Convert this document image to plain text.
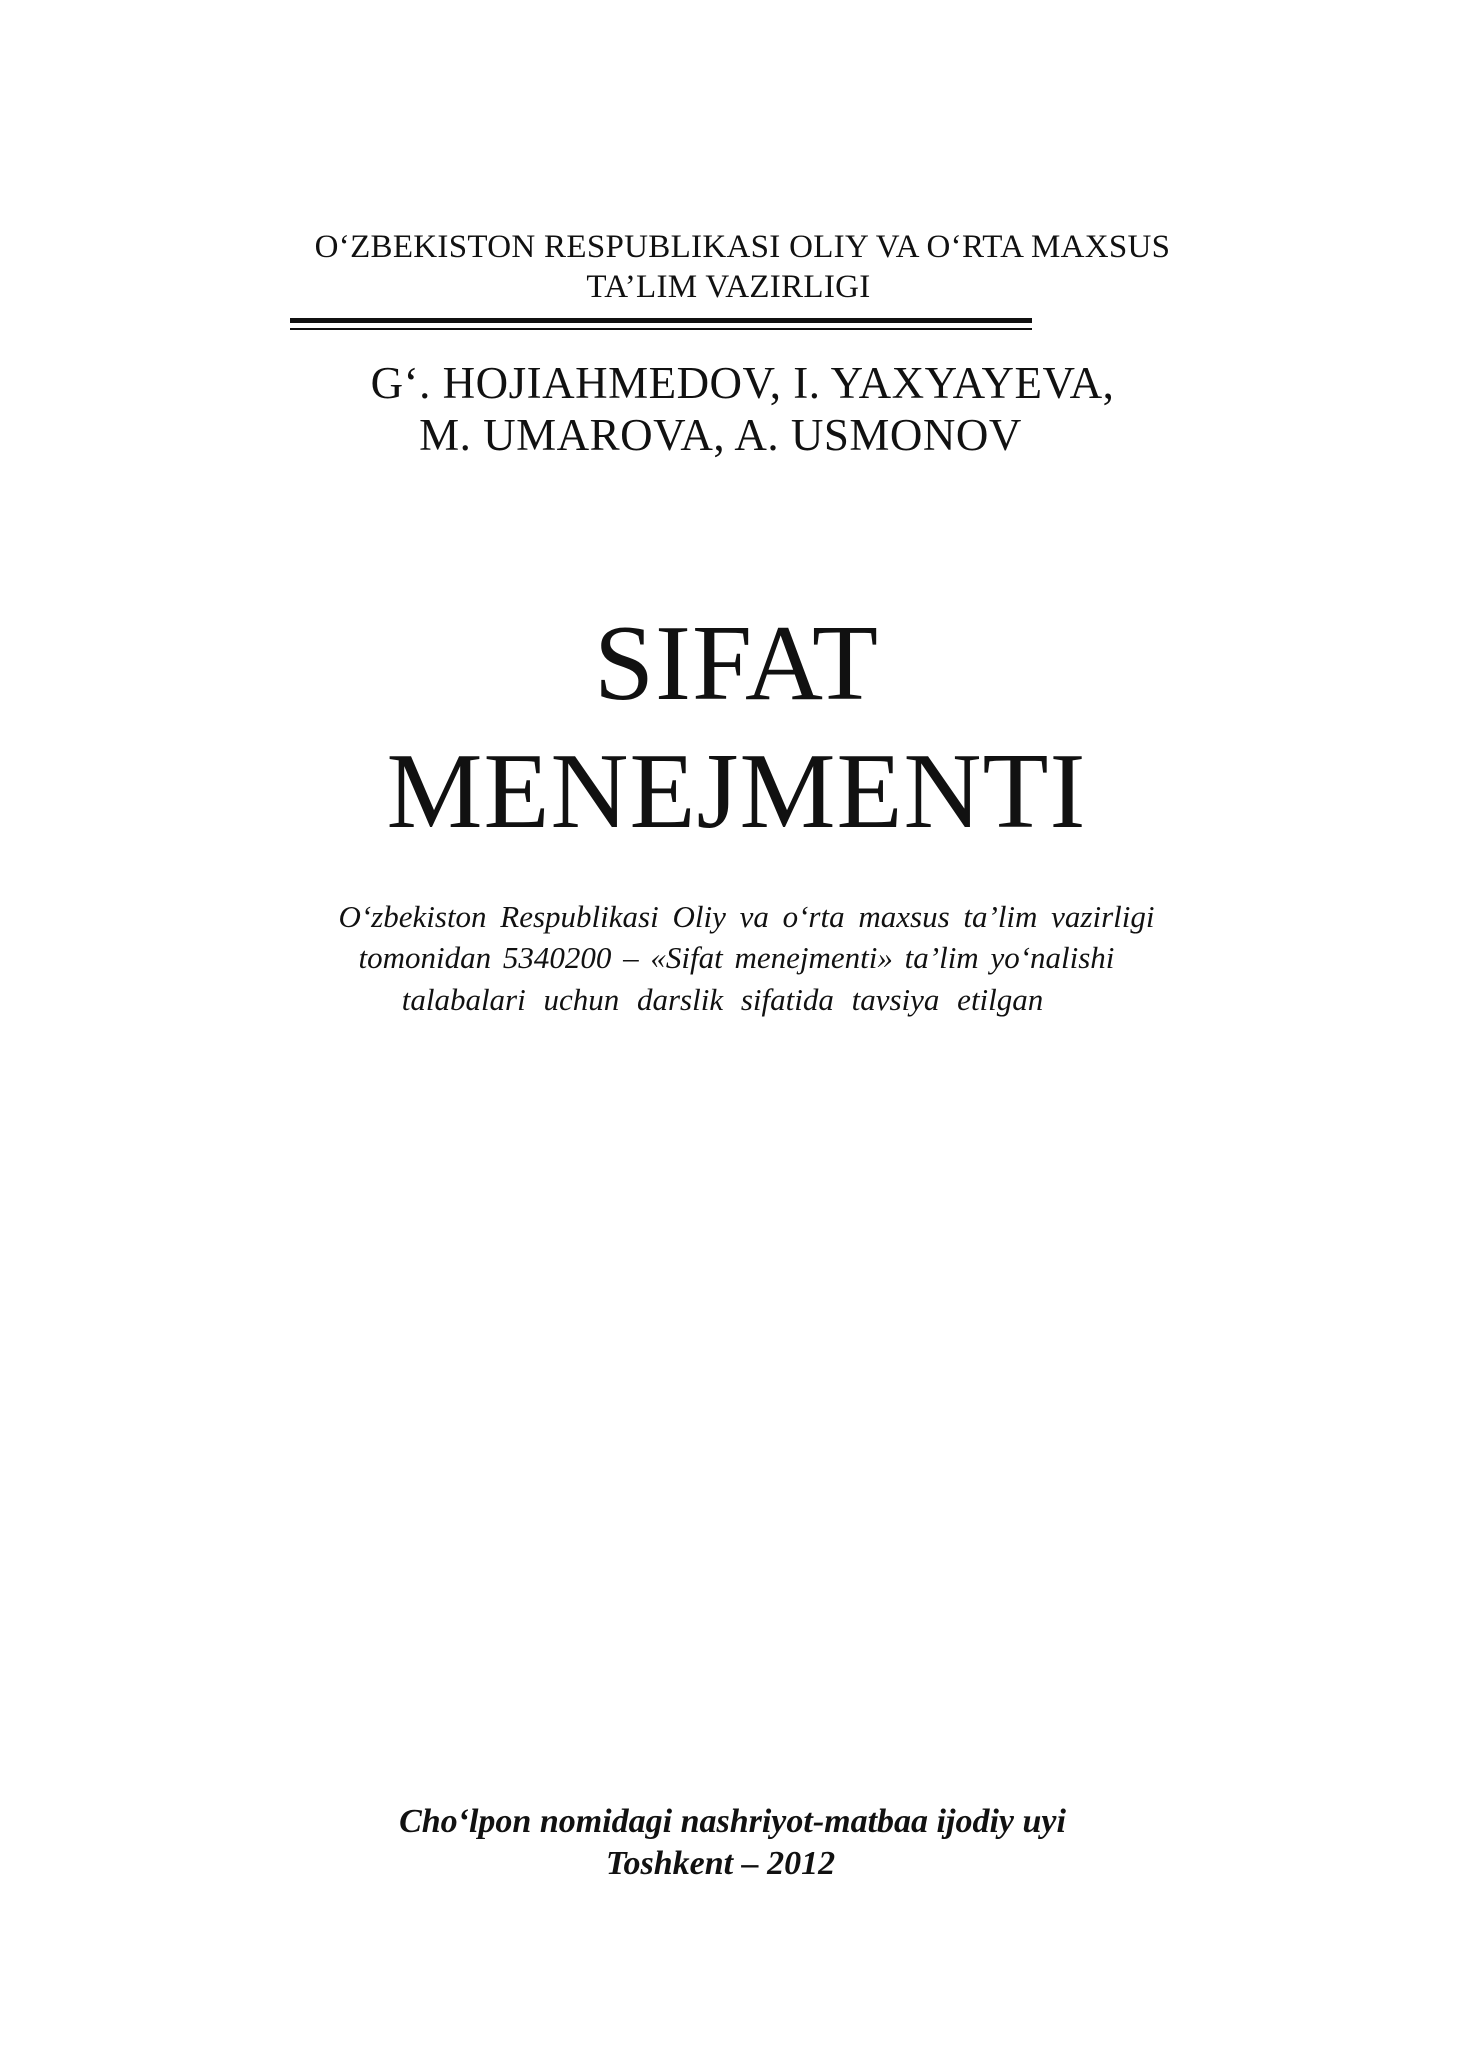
O‘ZBEKISTON RESPUBLIKASI OLIY VA O‘RTA MAXSUS
TA’LIM VAZIRLIGI
G‘. HOJIAHMEDOV, I. YAXYAYEVA,
M. UMAROVA, A. USMONOV
SIFAT
MENEJMENTI
O‘zbekiston Respublikasi Oliy va o‘rta maxsus ta’lim vazirligi
tomonidan 5340200 – «Sifat menejmenti» ta’lim yo‘nalishi
talabalari uchun darslik sifatida tavsiya etilgan
Cho‘lpon nomidagi nashriyot-matbaa ijodiy uyi
Toshkent – 2012
